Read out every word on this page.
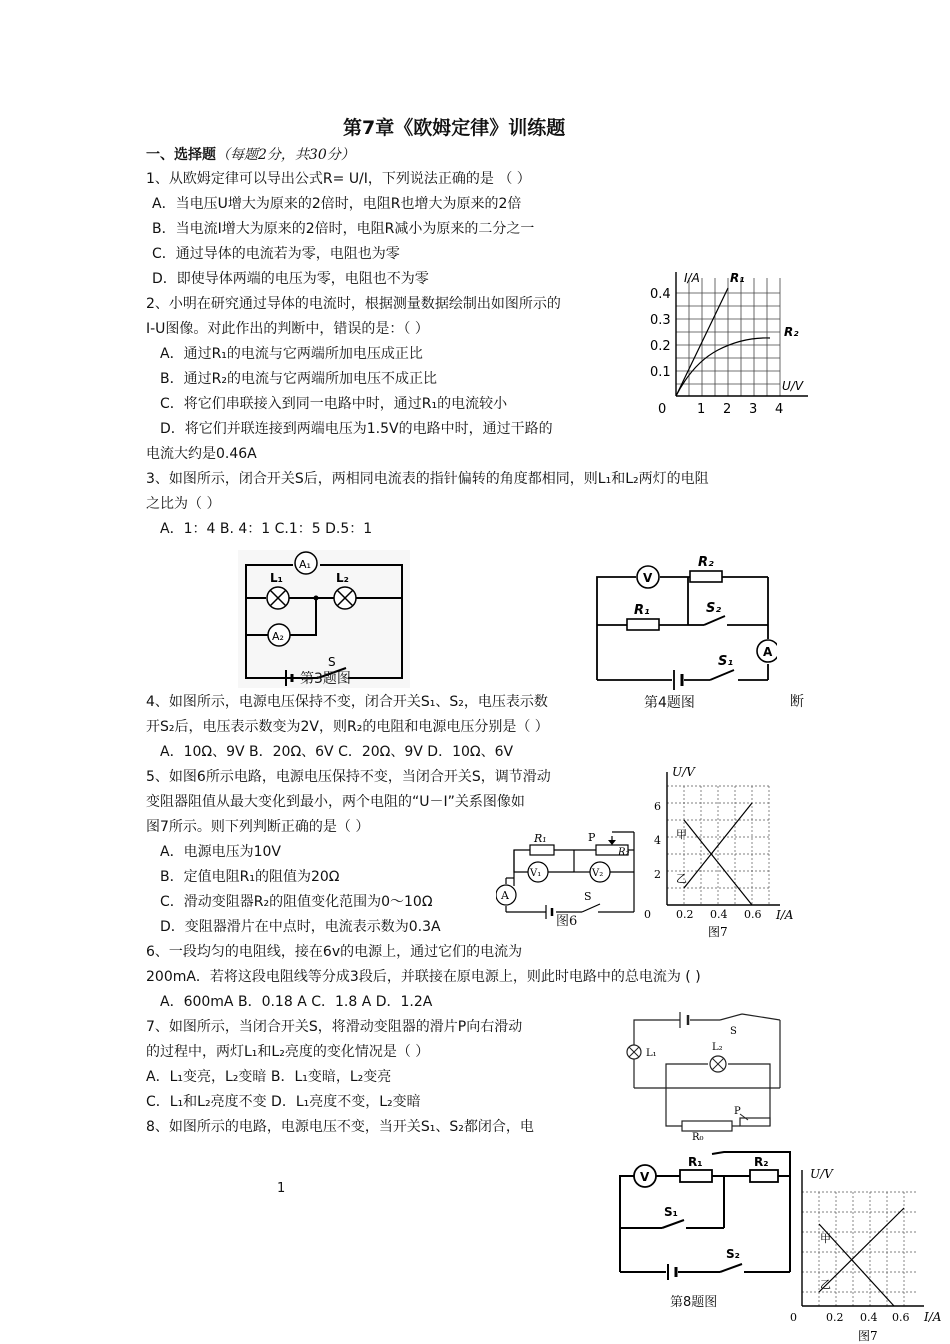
第7章《欧姆定律》训练题
一、选择题（每题2分，共30分）
1、从欧姆定律可以导出公式R= U/I，下列说法正确的是 （ ）
A．当电压U增大为原来的2倍时，电阻R也增大为原来的2倍
B．当电流I增大为原来的2倍时，电阻R减小为原来的二分之一
C．通过导体的电流若为零，电阻也为零
D．即使导体两端的电压为零，电阻也不为零
2、小明在研究通过导体的电流时，根据测量数据绘制出如图所示的
I-U图像。对此作出的判断中，错误的是：（ ）
A．通过R₁的电流与它两端所加电压成正比
B．通过R₂的电流与它两端所加电压不成正比
C．将它们串联接入到同一电路中时，通过R₁的电流较小
D．将它们并联连接到两端电压为1.5V的电路中时，通过干路的
电流大约是0.46A
I/A	R₁
R₂
U/V
0.4
0.3
0.2
0.1
0 1 2 3 4
3、如图所示，闭合开关S后，两相同电流表的指针偏转的角度都相同，则L₁和L₂两灯的电阻
之比为（ ）
A．1：4 B. 4：1 C.1：5 D.5：1
A₁
L₁	L₂
A₂
S
第3题图
V
R₂
R₁	S₂
A
S₁
4、如图所示，电源电压保持不变，闭合开关S₁、S₂，电压表示数	第4题图	断
开S₂后，电压表示数变为2V，则R₂的电阻和电源电压分别是（ ）
A．10Ω、9V B．20Ω、6V C．20Ω、9V D．10Ω、6V
5、如图6所示电路，电源电压保持不变，当闭合开关S，调节滑动
变阻器阻值从最大变化到最小，两个电阻的“U－I”关系图像如
图7所示。则下列判断正确的是（ ）
A．电源电压为10V
B．定值电阻R₁的阻值为20Ω
C．滑动变阻器R₂的阻值变化范围为0～10Ω
D．变阻器滑片在中点时，电流表示数为0.3A
R₁	P
R₂
V₁	V₂
A	S
图6
U/V
I/A
6
4
2
0 0.2 0.4 0.6
甲
乙
图7
6、一段均匀的电阻线，接在6v的电源上，通过它们的电流为
200mA．若将这段电阻线等分成3段后，并联接在原电源上，则此时电路中的总电流为 ( )
A．600mA B．0.18 A C．1.8 A D．1.2A
7、如图所示，当闭合开关S，将滑动变阻器的滑片P向右滑动
的过程中，两灯L₁和L₂亮度的变化情况是（ ）
A．L₁变亮，L₂变暗 B．L₁变暗，L₂变亮
C．L₁和L₂亮度不变 D．L₁亮度不变，L₂变暗
S
L₁
L₂
P
R₀
8、如图所示的电路，电源电压不变，当开关S₁、S₂都闭合，电
1
V
R₁	R₂
S₁
S₂
第8题图
U/V
I/A
0	0.2 0.4 0.6
甲
乙
图7
